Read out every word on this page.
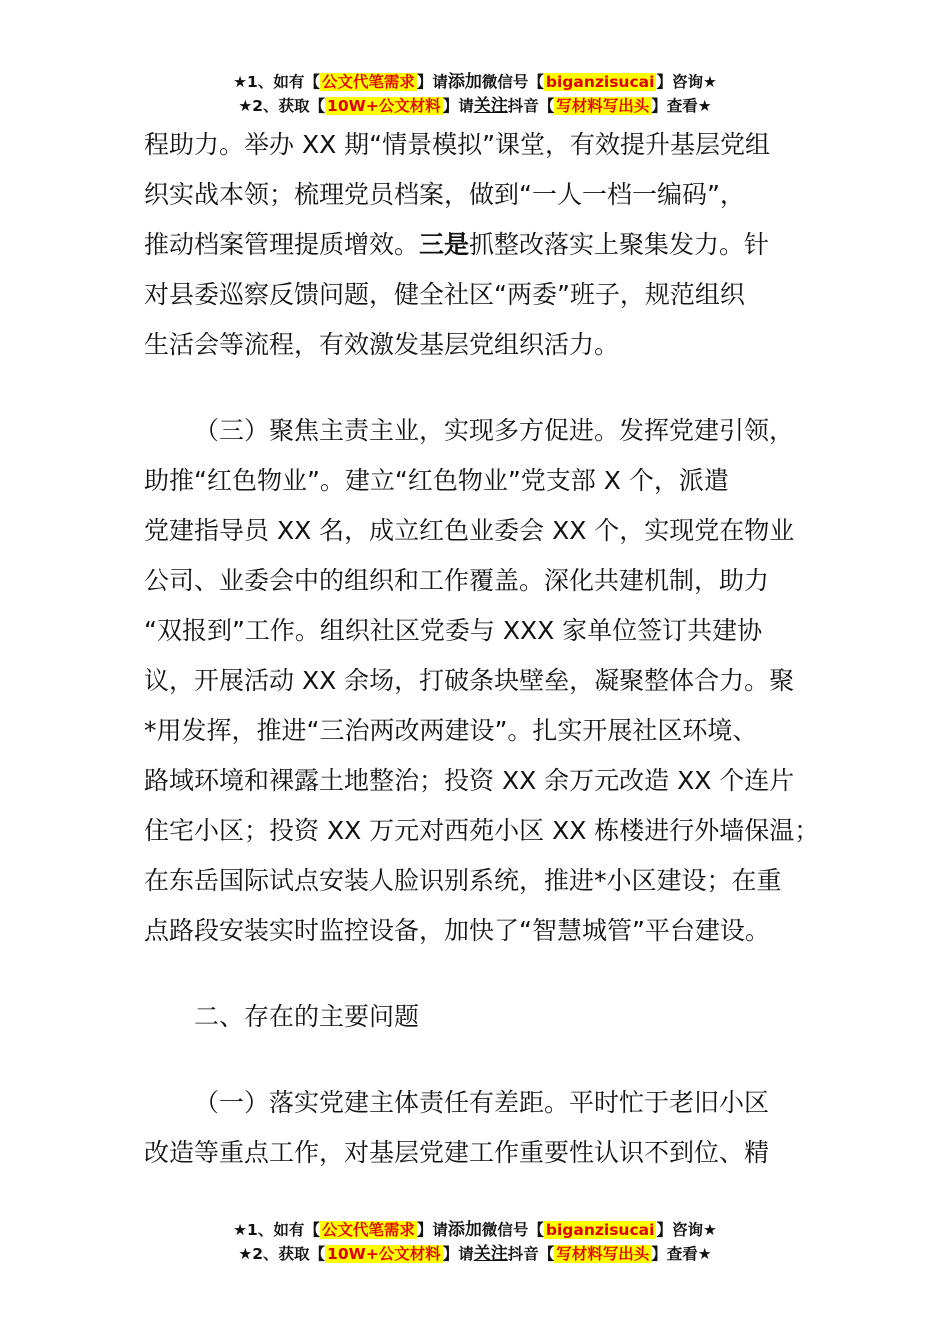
★1、如有【 公文代笔需求 】请添加微信号【 biganzisucai 】咨询★
★2、获取【 10W+公文材料 】请关注抖音【 写材料写出头 】查看★

程助力。举办 XX 期“情景模拟”课堂，有效提升基层党组
织实战本领；梳理党员档案，做到“一人一档一编码”，
推动档案管理提质增效。三是抓整改落实上聚集发力。针
对县委巡察反馈问题，健全社区“两委”班子，规范组织
生活会等流程，有效激发基层党组织活力。

（三）聚焦主责主业，实现多方促进。发挥党建引领，
助推“红色物业”。建立“红色物业”党支部 X 个，派遣
党建指导员 XX 名，成立红色业委会 XX 个，实现党在物业
公司、业委会中的组织和工作覆盖。深化共建机制，助力
“双报到”工作。组织社区党委与 XXX 家单位签订共建协
议，开展活动 XX 余场，打破条块壁垒，凝聚整体合力。聚
*用发挥，推进“三治两改两建设”。扎实开展社区环境、
路域环境和裸露土地整治；投资 XX 余万元改造 XX 个连片
住宅小区；投资 XX 万元对西苑小区 XX 栋楼进行外墙保温；
在东岳国际试点安装人脸识别系统，推进*小区建设；在重
点路段安装实时监控设备，加快了“智慧城管”平台建设。

二、存在的主要问题

（一）落实党建主体责任有差距。平时忙于老旧小区
改造等重点工作，对基层党建工作重要性认识不到位、精

★1、如有【 公文代笔需求 】请添加微信号【 biganzisucai 】咨询★
★2、获取【 10W+公文材料 】请关注抖音【 写材料写出头 】查看★
